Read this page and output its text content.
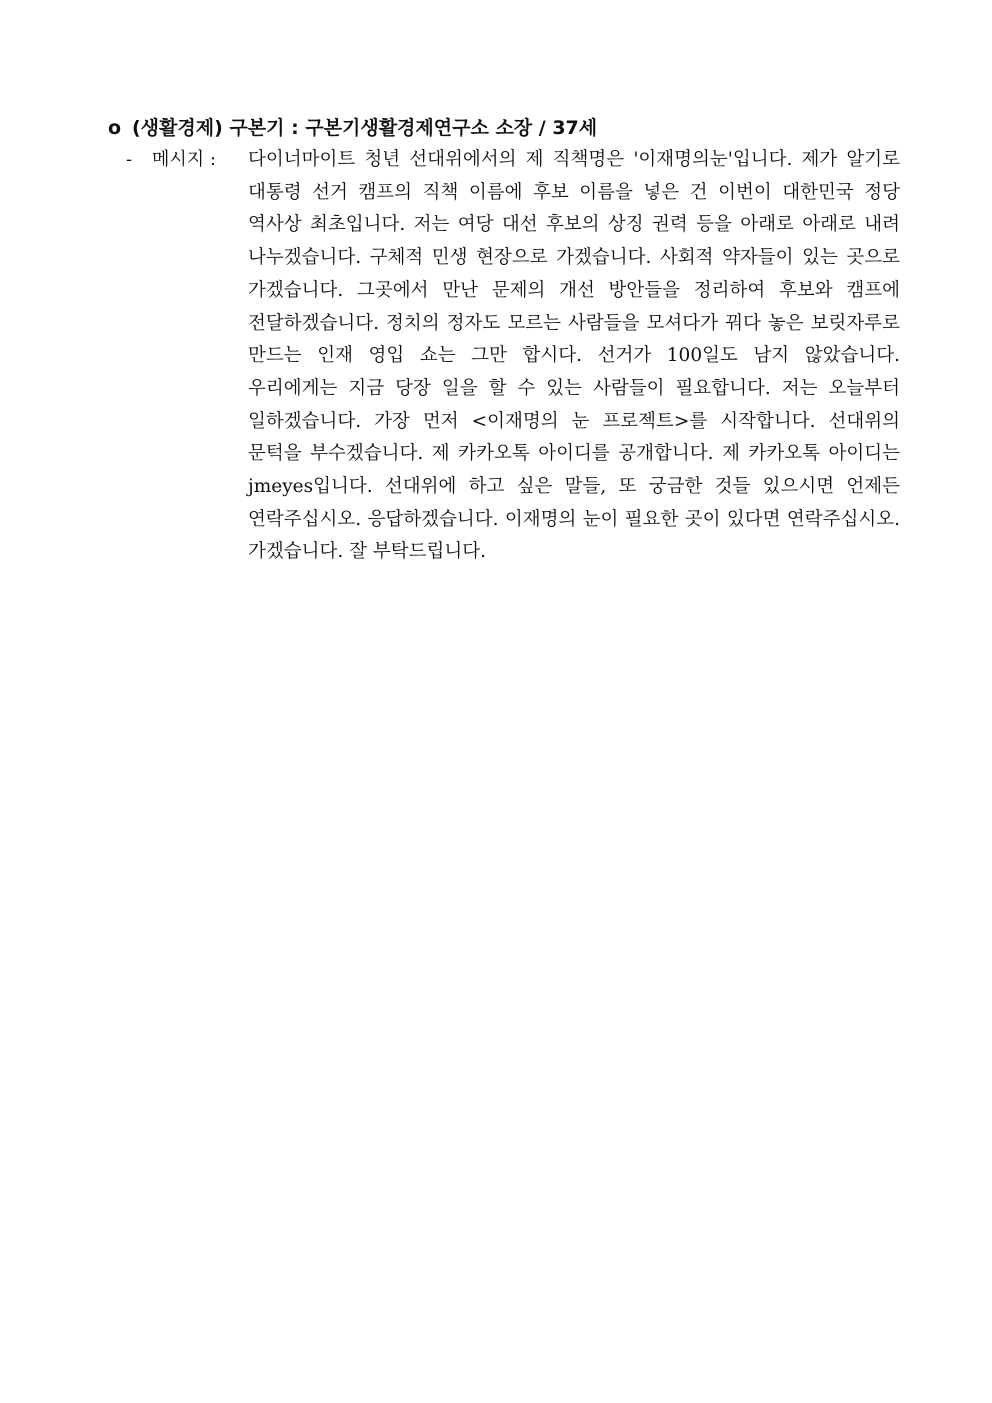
o (생활경제) 구본기 : 구본기생활경제연구소 소장 / 37세
- 메시지 : 다이너마이트 청년 선대위에서의 제 직책명은 '이재명의눈'입니다. 제가 알기로 대통령 선거 캠프의 직책 이름에 후보 이름을 넣은 건 이번이 대한민국 정당 역사상 최초입니다. 저는 여당 대선 후보의 상징 권력 등을 아래로 아래로 내려 나누겠습니다. 구체적 민생 현장으로 가겠습니다. 사회적 약자들이 있는 곳으로 가겠습니다. 그곳에서 만난 문제의 개선 방안들을 정리하여 후보와 캠프에 전달하겠습니다. 정치의 정자도 모르는 사람들을 모셔다가 꿔다 놓은 보릿자루로 만드는 인재 영입 쇼는 그만 합시다. 선거가 100일도 남지 않았습니다. 우리에게는 지금 당장 일을 할 수 있는 사람들이 필요합니다. 저는 오늘부터 일하겠습니다. 가장 먼저 <이재명의 눈 프로젝트>를 시작합니다. 선대위의 문턱을 부수겠습니다. 제 카카오톡 아이디를 공개합니다. 제 카카오톡 아이디는 jmeyes입니다. 선대위에 하고 싶은 말들, 또 궁금한 것들 있으시면 언제든 연락주십시오. 응답하겠습니다. 이재명의 눈이 필요한 곳이 있다면 연락주십시오. 가겠습니다. 잘 부탁드립니다.
